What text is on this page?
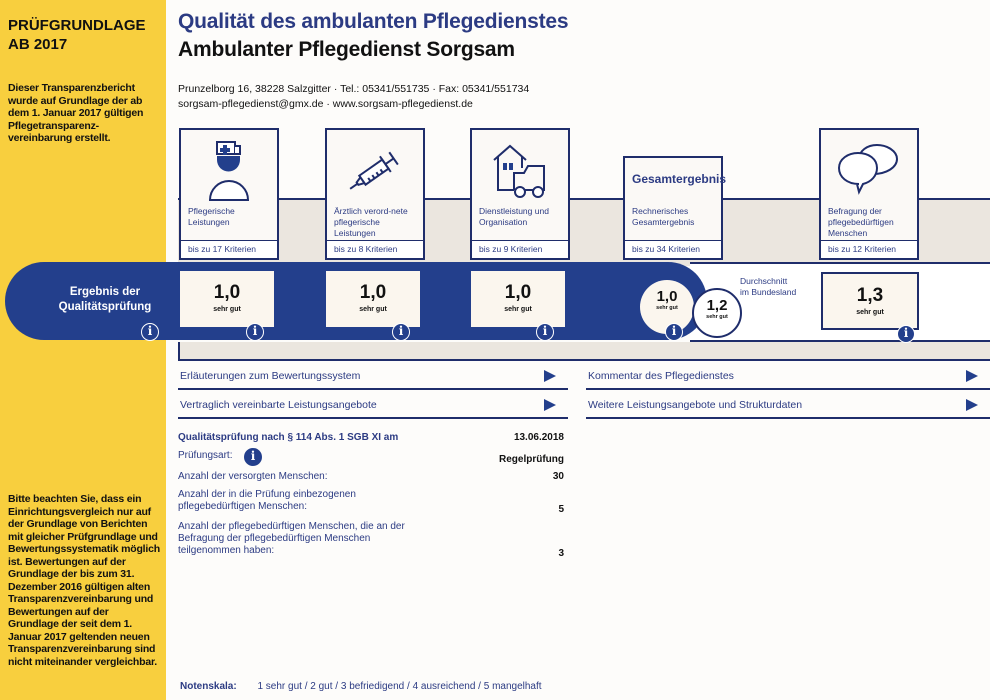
PRÜFGRUNDLAGE
AB 2017
Dieser Transparenzbericht wurde auf Grundlage der ab dem 1. Januar 2017 gültigen Pflegetransparenz-vereinbarung erstellt.
Bitte beachten Sie, dass ein Einrichtungsvergleich nur auf der Grundlage von Berichten mit gleicher Prüfgrundlage und Bewertungssystematik möglich ist. Bewertungen auf der Grundlage der bis zum 31. Dezember 2016 gültigen alten Transparenzvereinbarung und Bewertungen auf der Grundlage der seit dem 1. Januar 2017 geltenden neuen Transparenzvereinbarung sind nicht miteinander vergleichbar.
Qualität des ambulanten Pflegedienstes
Ambulanter Pflegedienst Sorgsam
Prunzelborg 16, 38228 Salzgitter · Tel.: 05341/551735 · Fax: 05341/551734
sorgsam-pflegedienst@gmx.de · www.sorgsam-pflegedienst.de
Pflegerische Leistungen
bis zu 17 Kriterien
Ärztlich verord-nete pflegerische Leistungen
bis zu 8 Kriterien
Dienstleistung und Organisation
bis zu 9 Kriterien
Gesamtergebnis
Rechnerisches Gesamtergebnis
bis zu 34 Kriterien
Befragung der pflegebedürftigen Menschen
bis zu 12 Kriterien
Ergebnis der
Qualitätsprüfung
i
1,0
sehr gut
i
1,0
sehr gut
i
1,0
sehr gut
i
1,0
sehr gut
i
1,2
sehr gut
Durchschnitt
im Bundesland	1,3
sehr gut
i
Erläuterungen zum Bewertungssystem	Kommentar des Pflegedienstes
Vertraglich vereinbarte Leistungsangebote	Weitere Leistungsangebote und Strukturdaten
Qualitätsprüfung nach § 114 Abs. 1 SGB XI am	13.06.2018
Prüfungsart:	i	Regelprüfung
Anzahl der versorgten Menschen:	30
Anzahl der in die Prüfung einbezogenen pflegebedürftigen Menschen:	5
Anzahl der pflegebedürftigen Menschen, die an der Befragung der pflegebedürftigen Menschen teilgenommen haben:	3
Notenskala: 1 sehr gut / 2 gut / 3 befriedigend / 4 ausreichend / 5 mangelhaft
